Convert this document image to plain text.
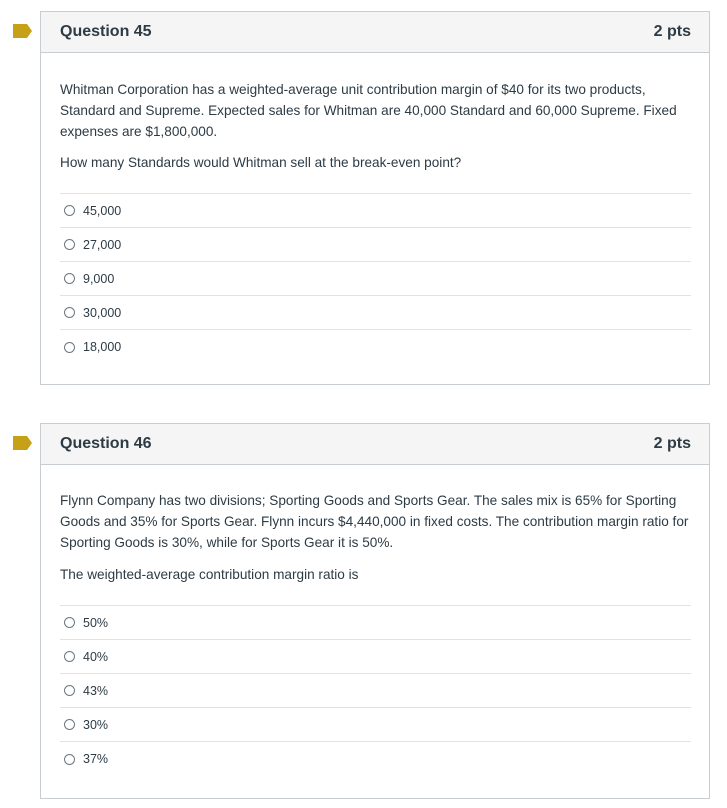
Question 45	2 pts

Whitman Corporation has a weighted-average unit contribution margin of $40 for its two products, Standard and Supreme. Expected sales for Whitman are 40,000 Standard and 60,000 Supreme. Fixed expenses are $1,800,000.

How many Standards would Whitman sell at the break-even point?

45,000
27,000
9,000
30,000
18,000
Question 46	2 pts

Flynn Company has two divisions; Sporting Goods and Sports Gear. The sales mix is 65% for Sporting Goods and 35% for Sports Gear. Flynn incurs $4,440,000 in fixed costs. The contribution margin ratio for Sporting Goods is 30%, while for Sports Gear it is 50%.

The weighted-average contribution margin ratio is

50%
40%
43%
30%
37%
